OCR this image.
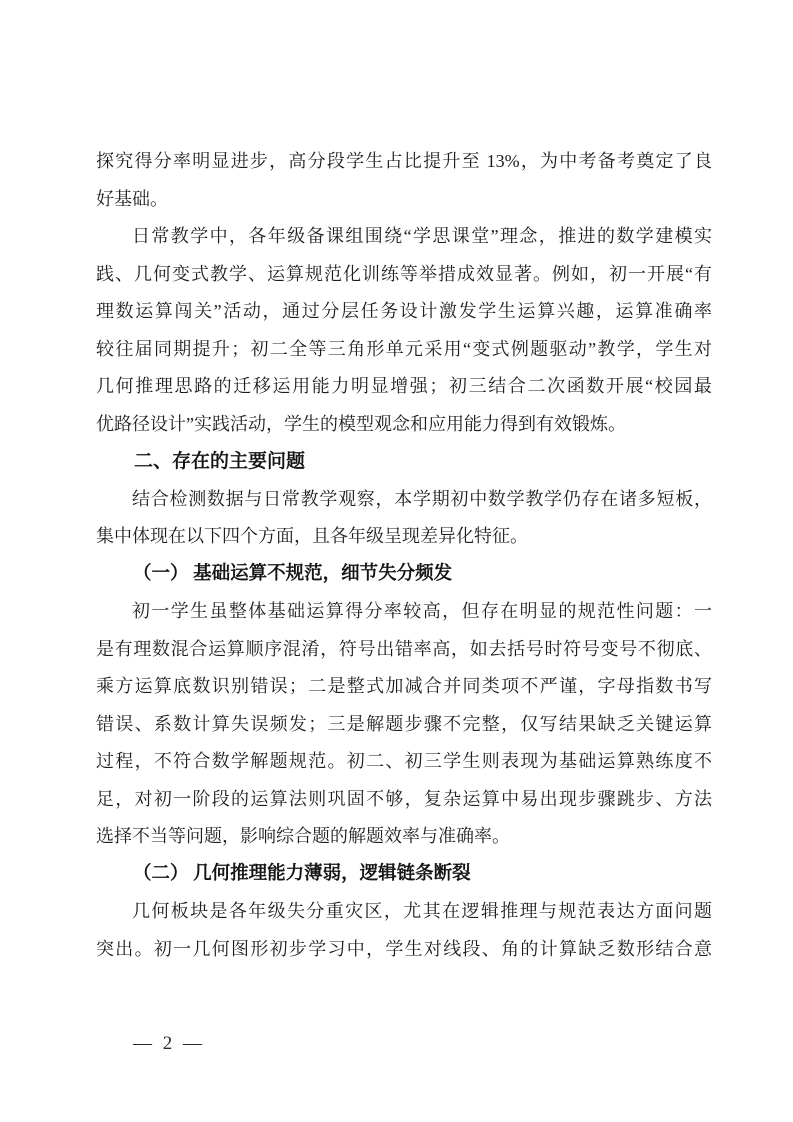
探究得分率明显进步，高分段学生占比提升至 13%，为中考备考奠定了良
好基础。
日常教学中，各年级备课组围绕“学思课堂”理念，推进的数学建模实
践、几何变式教学、运算规范化训练等举措成效显著。例如，初一开展“有
理数运算闯关”活动，通过分层任务设计激发学生运算兴趣，运算准确率
较往届同期提升；初二全等三角形单元采用“变式例题驱动”教学，学生对
几何推理思路的迁移运用能力明显增强；初三结合二次函数开展“校园最
优路径设计”实践活动，学生的模型观念和应用能力得到有效锻炼。
二、存在的主要问题
结合检测数据与日常教学观察，本学期初中数学教学仍存在诸多短板，
集中体现在以下四个方面，且各年级呈现差异化特征。
（一） 基础运算不规范，细节失分频发
初一学生虽整体基础运算得分率较高，但存在明显的规范性问题：一
是有理数混合运算顺序混淆，符号出错率高，如去括号时符号变号不彻底、
乘方运算底数识别错误；二是整式加减合并同类项不严谨，字母指数书写
错误、系数计算失误频发；三是解题步骤不完整，仅写结果缺乏关键运算
过程，不符合数学解题规范。初二、初三学生则表现为基础运算熟练度不
足，对初一阶段的运算法则巩固不够，复杂运算中易出现步骤跳步、方法
选择不当等问题，影响综合题的解题效率与准确率。
（二） 几何推理能力薄弱，逻辑链条断裂
几何板块是各年级失分重灾区，尤其在逻辑推理与规范表达方面问题
突出。初一几何图形初步学习中，学生对线段、角的计算缺乏数形结合意
— 2 —
